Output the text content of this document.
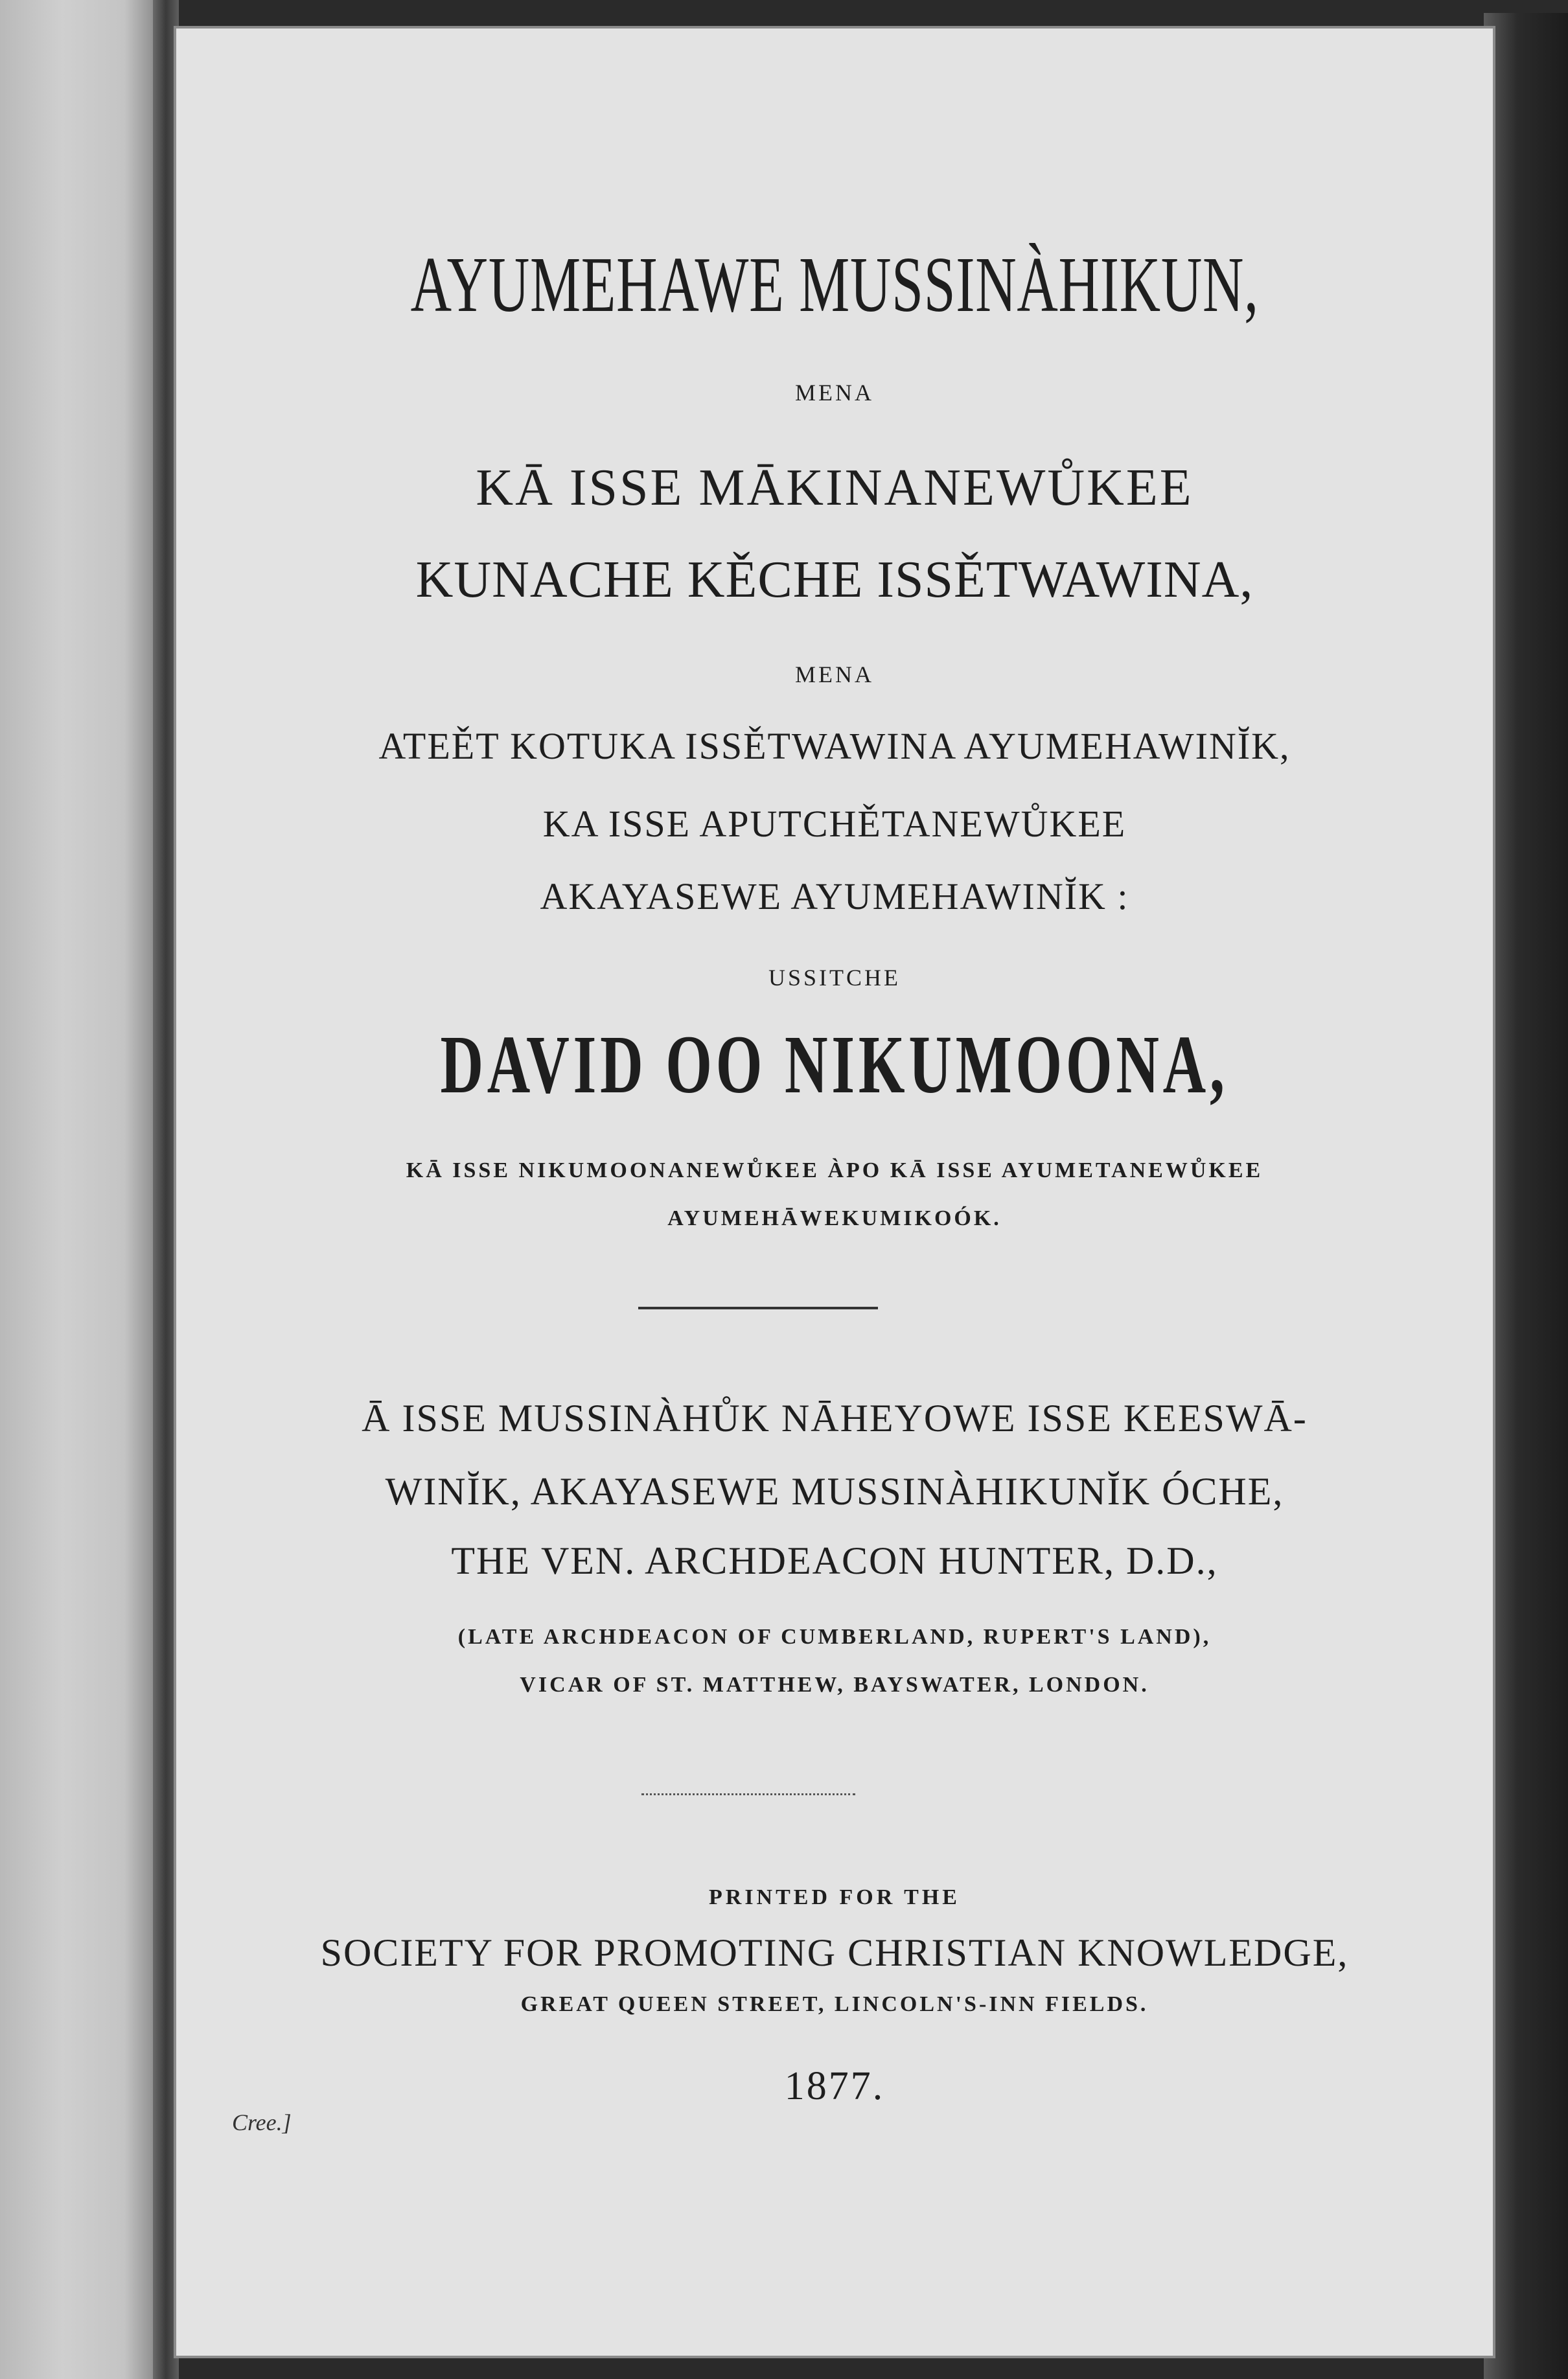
AYUMEHAWE MUSSINÀHIKUN,
MENA
KĀ ISSE MĀKINANEWŮKEE
KUNACHE KĚCHE ISSĚTWAWINA,
MENA
ATEĚT KOTUKA ISSĚTWAWINA AYUMEHAWINĬK,
KA ISSE APUTCHĚTANEWŮKEE
AKAYASEWE AYUMEHAWINĬK :
USSITCHE
DAVID OO NIKUMOONA,
KĀ ISSE NIKUMOONANEWŮKEE ÀPO KĀ ISSE AYUMETANEWŮKEE
AYUMEHĀWEKUMIKOÓK.
Ā ISSE MUSSINÀHŮK NĀHEYOWE ISSE KEESWĀ-
WINĬK, AKAYASEWE MUSSINÀHIKUNĬK ÓCHE,
THE VEN. ARCHDEACON HUNTER, D.D.,
(LATE ARCHDEACON OF CUMBERLAND, RUPERT'S LAND),
VICAR OF ST. MATTHEW, BAYSWATER, LONDON.
PRINTED FOR THE
SOCIETY FOR PROMOTING CHRISTIAN KNOWLEDGE,
GREAT QUEEN STREET, LINCOLN'S-INN FIELDS.
1877.
Cree.]
